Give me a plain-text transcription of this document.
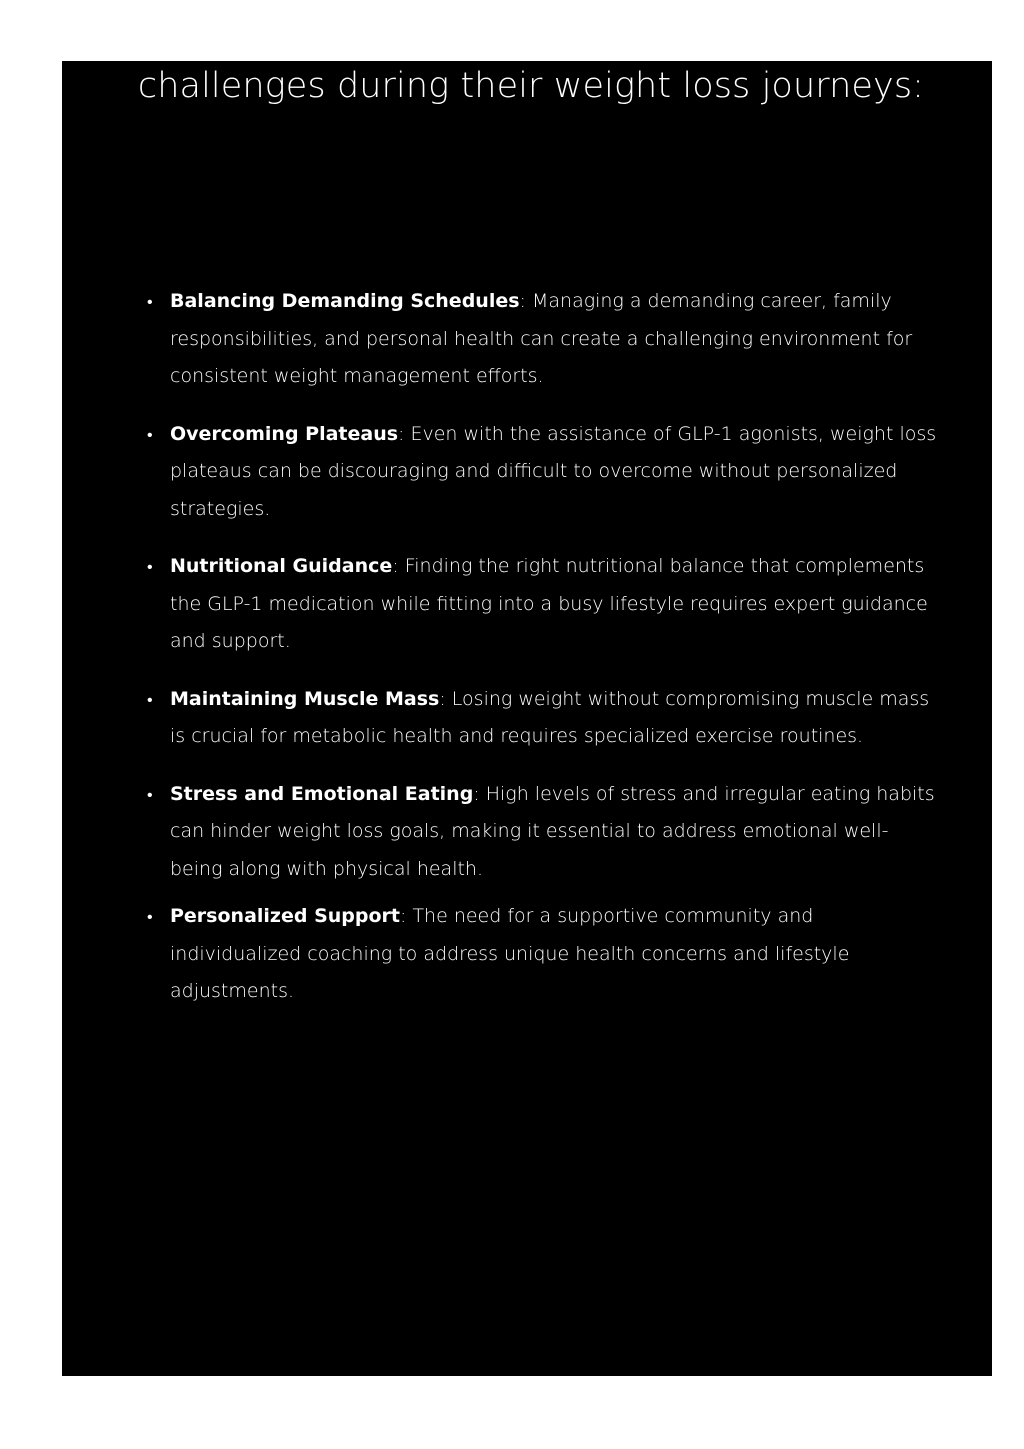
challenges during their weight loss journeys:
• Balancing Demanding Schedules: Managing a demanding career, family responsibilities, and personal health can create a challenging environment for consistent weight management efforts.
• Overcoming Plateaus: Even with the assistance of GLP-1 agonists, weight loss plateaus can be discouraging and difficult to overcome without personalized strategies.
• Nutritional Guidance: Finding the right nutritional balance that complements the GLP-1 medication while fitting into a busy lifestyle requires expert guidance and support.
• Maintaining Muscle Mass: Losing weight without compromising muscle mass is crucial for metabolic health and requires specialized exercise routines.
• Stress and Emotional Eating: High levels of stress and irregular eating habits can hinder weight loss goals, making it essential to address emotional well-being along with physical health.
• Personalized Support: The need for a supportive community and individualized coaching to address unique health concerns and lifestyle adjustments.
